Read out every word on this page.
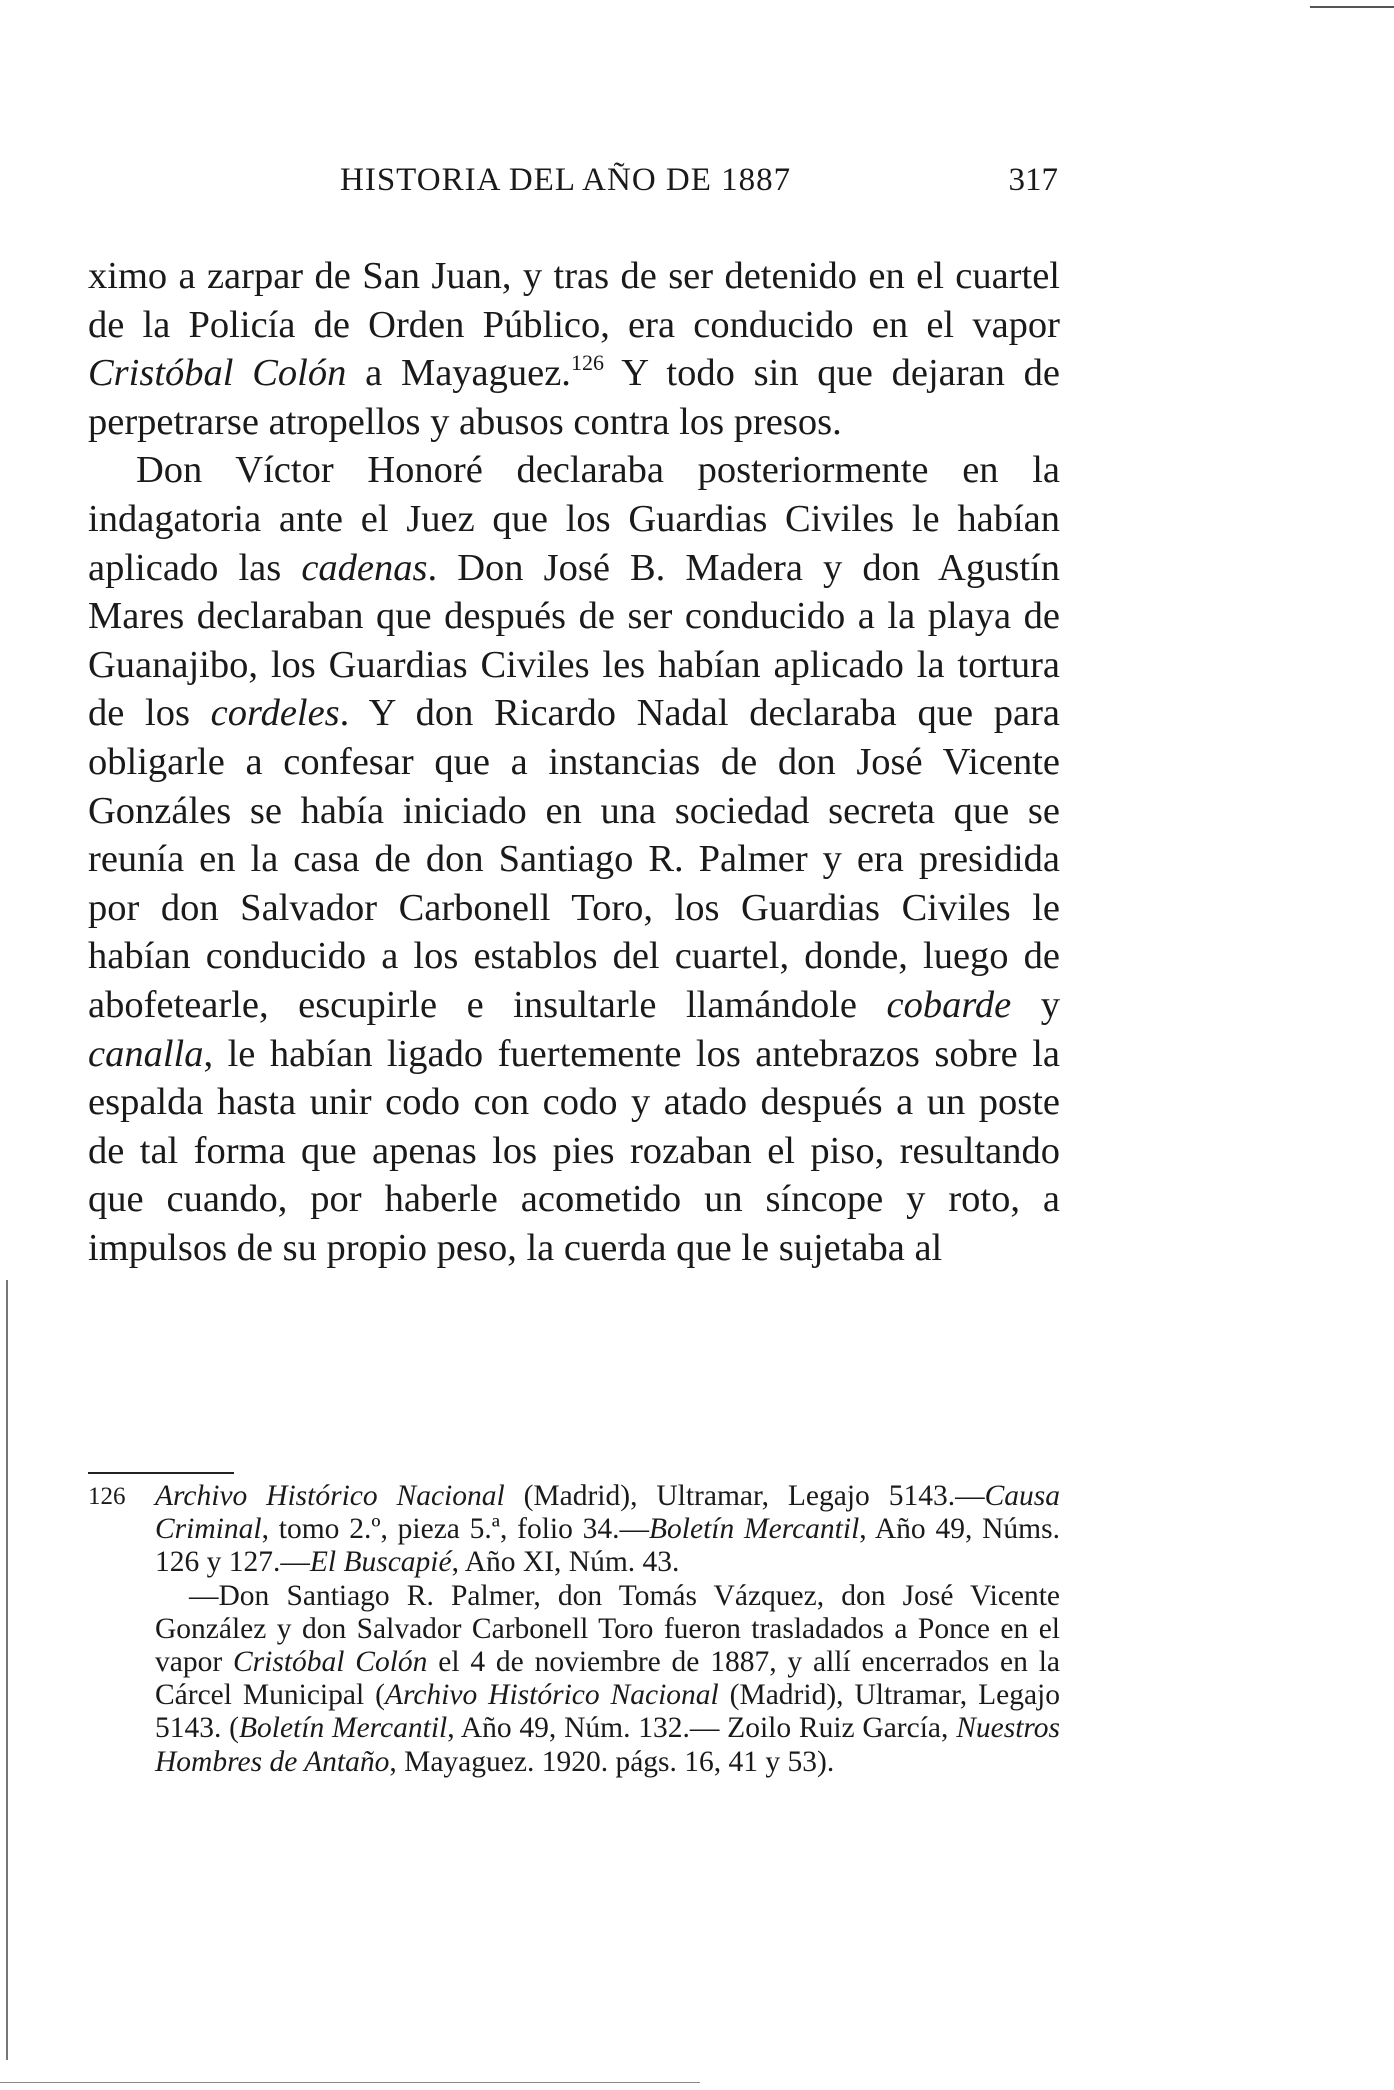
HISTORIA DEL AÑO DE 1887	317

ximo a zarpar de San Juan, y tras de ser detenido en el cuartel de la Policía de Orden Público, era conducido en el vapor Cristóbal Colón a Mayaguez.$^{126}$ Y todo sin que dejaran de perpetrarse atropellos y abusos contra los presos.

Don Víctor Honoré declaraba posteriormente en la indagatoria ante el Juez que los Guardias Civiles le habían aplicado las cadenas. Don José B. Madera y don Agustín Mares declaraban que después de ser conducido a la playa de Guanajibo, los Guardias Civiles les habían aplicado la tortura de los cordeles. Y don Ricardo Nadal declaraba que para obligarle a confesar que a instancias de don José Vicente Gonzáles se había iniciado en una sociedad secreta que se reunía en la casa de don Santiago R. Palmer y era presidida por don Salvador Carbonell Toro, los Guardias Civiles le habían conducido a los establos del cuartel, donde, luego de abofetearle, escupirle e insultarle llamándole cobarde y canalla, le habían ligado fuertemente los antebrazos sobre la espalda hasta unir codo con codo y atado después a un poste de tal forma que apenas los pies rozaban el piso, resultando que cuando, por haberle acometido un síncope y roto, a impulsos de su propio peso, la cuerda que le sujetaba al

126 Archivo Histórico Nacional (Madrid), Ultramar, Legajo 5143.—Causa Criminal, tomo 2.º, pieza 5.ª, folio 34.—Boletín Mercantil, Año 49, Núms. 126 y 127.—El Buscapié, Año XI, Núm. 43.

—Don Santiago R. Palmer, don Tomás Vázquez, don José Vicente González y don Salvador Carbonell Toro fueron trasladados a Ponce en el vapor Cristóbal Colón el 4 de noviembre de 1887, y allí encerrados en la Cárcel Municipal (Archivo Histórico Nacional (Madrid), Ultramar, Legajo 5143. (Boletín Mercantil, Año 49, Núm. 132.— Zoilo Ruiz García, Nuestros Hombres de Antaño, Mayaguez. 1920. págs. 16, 41 y 53).
